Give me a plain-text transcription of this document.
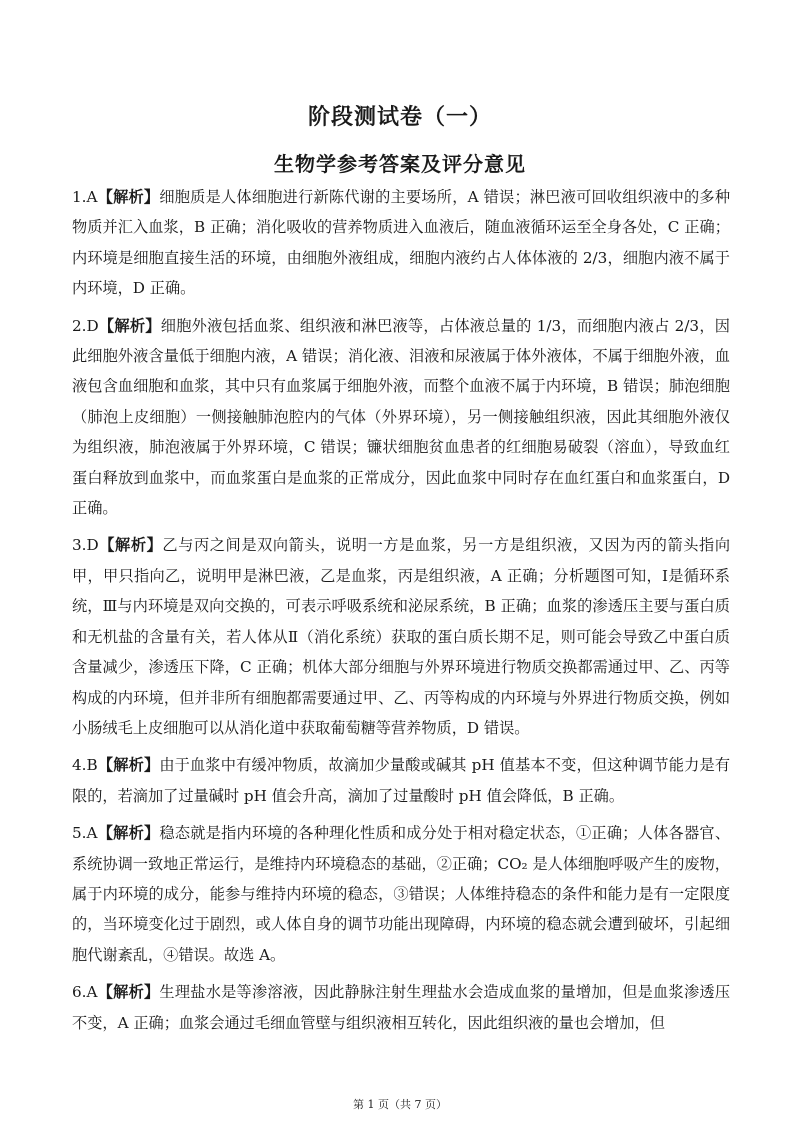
阶段测试卷（一）
生物学参考答案及评分意见

1.A【解析】细胞质是人体细胞进行新陈代谢的主要场所，A 错误；淋巴液可回收组织液中的多种物质并汇入血浆，B 正确；消化吸收的营养物质进入血液后，随血液循环运至全身各处，C 正确；内环境是细胞直接生活的环境，由细胞外液组成，细胞内液约占人体体液的 2/3，细胞内液不属于内环境，D 正确。

2.D【解析】细胞外液包括血浆、组织液和淋巴液等，占体液总量的 1/3，而细胞内液占 2/3，因此细胞外液含量低于细胞内液，A 错误；消化液、泪液和尿液属于体外液体，不属于细胞外液，血液包含血细胞和血浆，其中只有血浆属于细胞外液，而整个血液不属于内环境，B 错误；肺泡细胞（肺泡上皮细胞）一侧接触肺泡腔内的气体（外界环境），另一侧接触组织液，因此其细胞外液仅为组织液，肺泡液属于外界环境，C 错误；镰状细胞贫血患者的红细胞易破裂（溶血），导致血红蛋白释放到血浆中，而血浆蛋白是血浆的正常成分，因此血浆中同时存在血红蛋白和血浆蛋白，D 正确。

3.D【解析】乙与丙之间是双向箭头，说明一方是血浆，另一方是组织液，又因为丙的箭头指向甲，甲只指向乙，说明甲是淋巴液，乙是血浆，丙是组织液，A 正确；分析题图可知，Ⅰ是循环系统，Ⅲ与内环境是双向交换的，可表示呼吸系统和泌尿系统，B 正确；血浆的渗透压主要与蛋白质和无机盐的含量有关，若人体从Ⅱ（消化系统）获取的蛋白质长期不足，则可能会导致乙中蛋白质含量减少，渗透压下降，C 正确；机体大部分细胞与外界环境进行物质交换都需通过甲、乙、丙等构成的内环境，但并非所有细胞都需要通过甲、乙、丙等构成的内环境与外界进行物质交换，例如小肠绒毛上皮细胞可以从消化道中获取葡萄糖等营养物质，D 错误。

4.B【解析】由于血浆中有缓冲物质，故滴加少量酸或碱其 pH 值基本不变，但这种调节能力是有限的，若滴加了过量碱时 pH 值会升高，滴加了过量酸时 pH 值会降低，B 正确。

5.A【解析】稳态就是指内环境的各种理化性质和成分处于相对稳定状态，①正确；人体各器官、系统协调一致地正常运行，是维持内环境稳态的基础，②正确；CO₂ 是人体细胞呼吸产生的废物，属于内环境的成分，能参与维持内环境的稳态，③错误；人体维持稳态的条件和能力是有一定限度的，当环境变化过于剧烈，或人体自身的调节功能出现障碍，内环境的稳态就会遭到破坏，引起细胞代谢紊乱，④错误。故选 A。

6.A【解析】生理盐水是等渗溶液，因此静脉注射生理盐水会造成血浆的量增加，但是血浆渗透压不变，A 正确；血浆会通过毛细血管壁与组织液相互转化，因此组织液的量也会增加，但

第 1 页（共 7 页）
